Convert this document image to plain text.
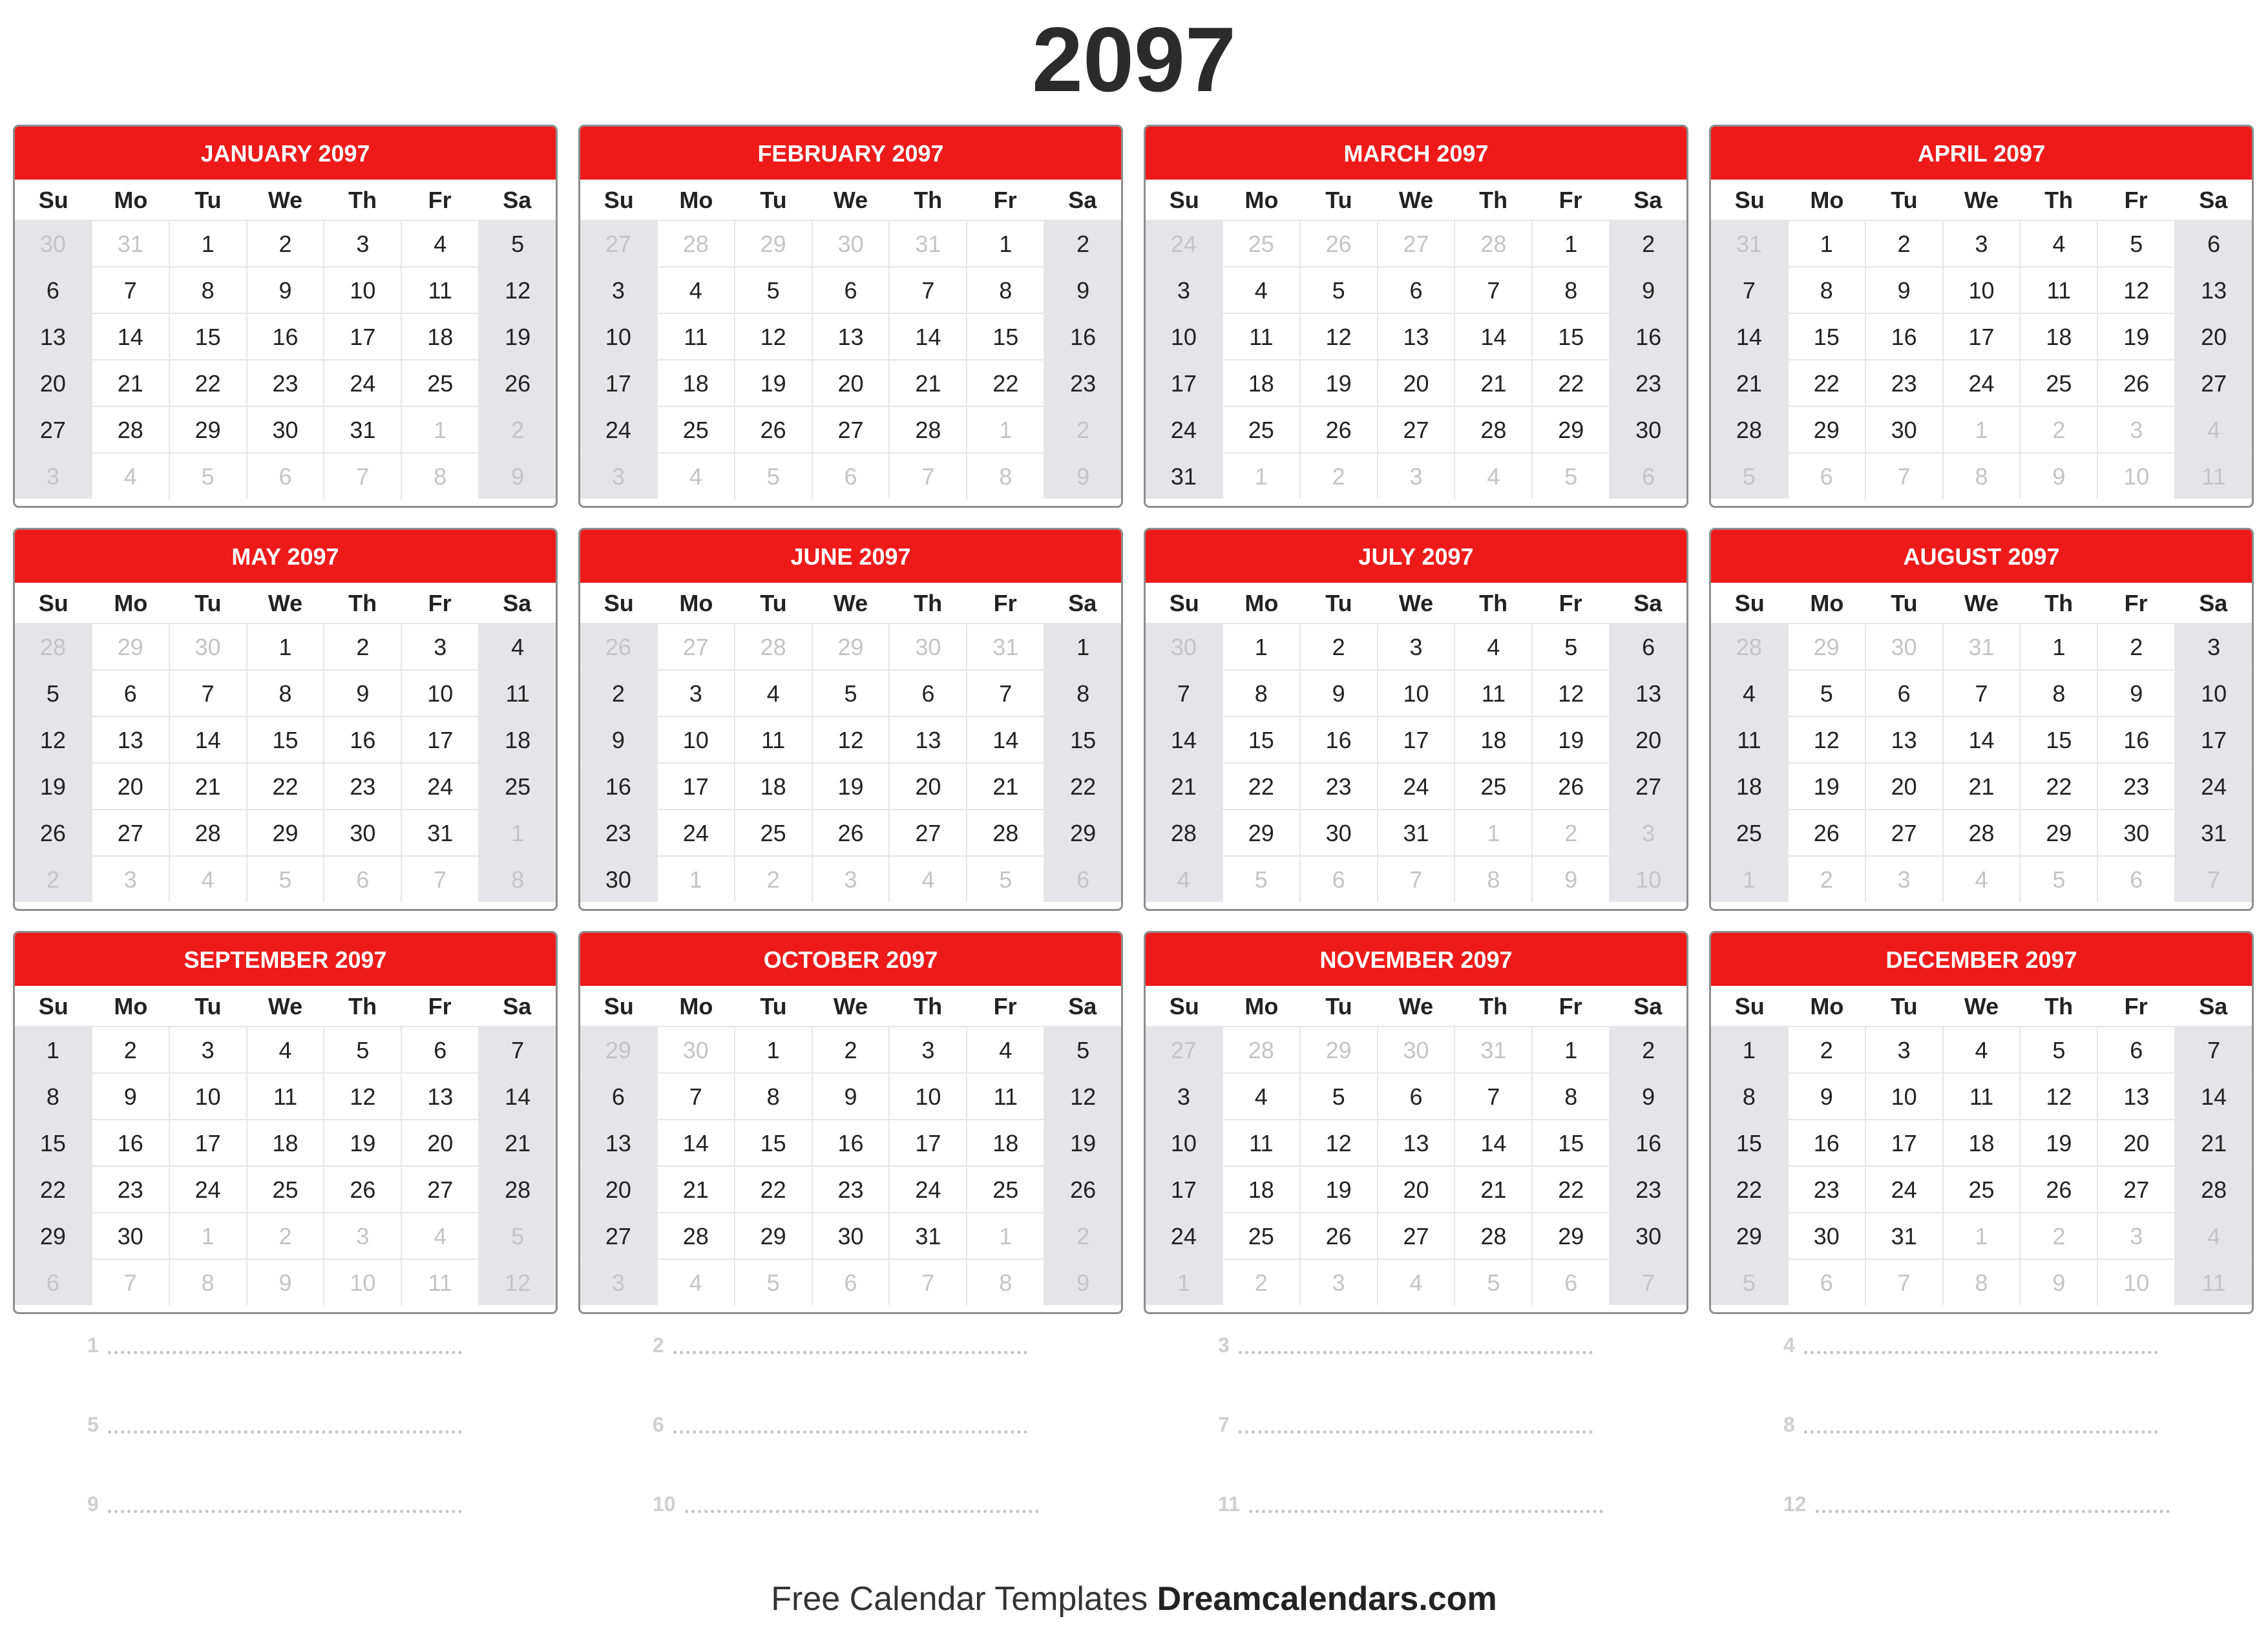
2097
JANUARY 2097
Su	Mo	Tu	We	Th	Fr	Sa
30	31	1	2	3	4	5
6	7	8	9	10	11	12
13	14	15	16	17	18	19
20	21	22	23	24	25	26
27	28	29	30	31	1	2
3	4	5	6	7	8	9
FEBRUARY 2097
Su	Mo	Tu	We	Th	Fr	Sa
27	28	29	30	31	1	2
3	4	5	6	7	8	9
10	11	12	13	14	15	16
17	18	19	20	21	22	23
24	25	26	27	28	1	2
3	4	5	6	7	8	9
MARCH 2097
Su	Mo	Tu	We	Th	Fr	Sa
24	25	26	27	28	1	2
3	4	5	6	7	8	9
10	11	12	13	14	15	16
17	18	19	20	21	22	23
24	25	26	27	28	29	30
31	1	2	3	4	5	6
APRIL 2097
Su	Mo	Tu	We	Th	Fr	Sa
31	1	2	3	4	5	6
7	8	9	10	11	12	13
14	15	16	17	18	19	20
21	22	23	24	25	26	27
28	29	30	1	2	3	4
5	6	7	8	9	10	11
MAY 2097
Su	Mo	Tu	We	Th	Fr	Sa
28	29	30	1	2	3	4
5	6	7	8	9	10	11
12	13	14	15	16	17	18
19	20	21	22	23	24	25
26	27	28	29	30	31	1
2	3	4	5	6	7	8
JUNE 2097
Su	Mo	Tu	We	Th	Fr	Sa
26	27	28	29	30	31	1
2	3	4	5	6	7	8
9	10	11	12	13	14	15
16	17	18	19	20	21	22
23	24	25	26	27	28	29
30	1	2	3	4	5	6
JULY 2097
Su	Mo	Tu	We	Th	Fr	Sa
30	1	2	3	4	5	6
7	8	9	10	11	12	13
14	15	16	17	18	19	20
21	22	23	24	25	26	27
28	29	30	31	1	2	3
4	5	6	7	8	9	10
AUGUST 2097
Su	Mo	Tu	We	Th	Fr	Sa
28	29	30	31	1	2	3
4	5	6	7	8	9	10
11	12	13	14	15	16	17
18	19	20	21	22	23	24
25	26	27	28	29	30	31
1	2	3	4	5	6	7
SEPTEMBER 2097
Su	Mo	Tu	We	Th	Fr	Sa
1	2	3	4	5	6	7
8	9	10	11	12	13	14
15	16	17	18	19	20	21
22	23	24	25	26	27	28
29	30	1	2	3	4	5
6	7	8	9	10	11	12
OCTOBER 2097
Su	Mo	Tu	We	Th	Fr	Sa
29	30	1	2	3	4	5
6	7	8	9	10	11	12
13	14	15	16	17	18	19
20	21	22	23	24	25	26
27	28	29	30	31	1	2
3	4	5	6	7	8	9
NOVEMBER 2097
Su	Mo	Tu	We	Th	Fr	Sa
27	28	29	30	31	1	2
3	4	5	6	7	8	9
10	11	12	13	14	15	16
17	18	19	20	21	22	23
24	25	26	27	28	29	30
1	2	3	4	5	6	7
DECEMBER 2097
Su	Mo	Tu	We	Th	Fr	Sa
1	2	3	4	5	6	7
8	9	10	11	12	13	14
15	16	17	18	19	20	21
22	23	24	25	26	27	28
29	30	31	1	2	3	4
5	6	7	8	9	10	11
1	2	3	4
5	6	7	8
9	10	11	12
Free Calendar Templates Dreamcalendars.com
